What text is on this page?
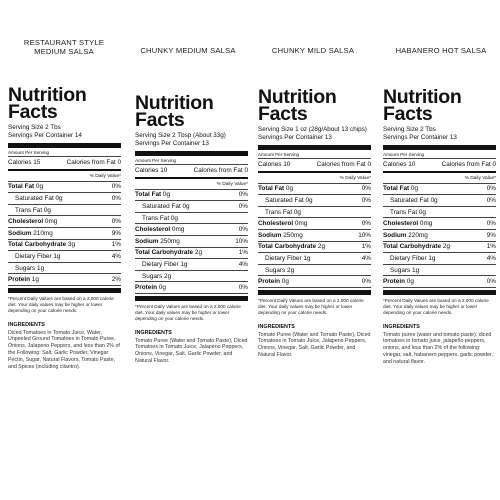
RESTAURANT STYLE
MEDIUM SALSA	CHUNKY MEDIUM SALSA	CHUNKY MILD SALSA	HABANERO HOT SALSA
Nutrition
Facts
Serving Size 2 Tbs
Servings Per Container 14
Amount Per Serving
Calories 15	Calories from Fat 0
% Daily Value*
Total Fat 0g	0%
Saturated Fat 0g	0%
Trans Fat 0g
Cholesterol 0mg	0%
Sodium 210mg	9%
Total Carbohydrate 3g	1%
Dietary Fiber 1g	4%
Sugars 1g
Protein 1g	2%
*Percent Daily Values are based on a 2,000 calorie diet. Your daily values may be higher or lower depending on your calorie needs.
INGREDIENTS
Diced Tomatoes in Tomato Juice, Water, Unpeeled Ground Tomatoes in Tomato Puree, Onions, Jalapeno Peppers, and less than 2% of the Following: Salt, Garlic Powder, Vinegar Pectin, Sugar, Natural Flavors, Tomato Paste, and Spices (including cilantro).
Nutrition
Facts
Serving Size 2 Tbsp (About 33g)
Servings Per Container 13
Amount Per Serving
Calories 10	Calories from Fat 0
% Daily Value*
Total Fat 0g	0%
Saturated Fat 0g	0%
Trans Fat 0g
Cholesterol 0mg	0%
Sodium 250mg	10%
Total Carbohydrate 2g	1%
Dietary Fiber 1g	4%
Sugars 2g
Protein 0g	0%
*Percent Daily Values are based on a 2,000 calorie diet. Your daily values may be higher or lower depending on your calorie needs.
INGREDIENTS
Tomato Puree (Water and Tomato Paste), Diced Tomatoes in Tomato Juice, Jalapeno Peppers, Onions, Vinegar, Salt, Garlic Powder, and Natural Flavor.
Nutrition
Facts
Serving Size 1 oz (28g/About 13 chips)
Servings Per Container 13
Amount Per Serving
Calories 10	Calories from Fat 0
% Daily Value*
Total Fat 0g	0%
Saturated Fat 0g	0%
Trans Fat 0g
Cholesterol 0mg	0%
Sodium 250mg	10%
Total Carbohydrate 2g	1%
Dietary Fiber 1g	4%
Sugars 2g
Protein 0g	0%
*Percent Daily Values are based on a 2,000 calorie diet. Your daily values may be higher or lower depending on your calorie needs.
INGREDIENTS
Tomato Puree (Water and Tomato Paste), Diced Tomatoes in Tomato Juice, Jalapeno Peppers, Onions, Vinegar, Salt, Garlic Powder, and Natural Flavor.
Nutrition
Facts
Serving Size 2 Tbs
Servings Per Container 13
Amount Per Serving
Calories 10	Calories from Fat 0
% Daily Value*
Total Fat 0g	0%
Saturated Fat 0g	0%
Trans Fat 0g
Cholesterol 0mg	0%
Sodium 220mg	9%
Total Carbohydrate 2g	1%
Dietary Fiber 1g	4%
Sugars 1g
Protein 0g	0%
*Percent Daily Values are based on a 2,000 calorie diet. Your daily values may be higher or lower depending on your calorie needs.
INGREDIENTS
Tomato puree (water and tomato paste), diced tomatoes in tomato juice, jalapeño peppers, onions, and less than 2% of the following: vinegar, salt, habanero peppers, garlic powder, and natural flavor.
